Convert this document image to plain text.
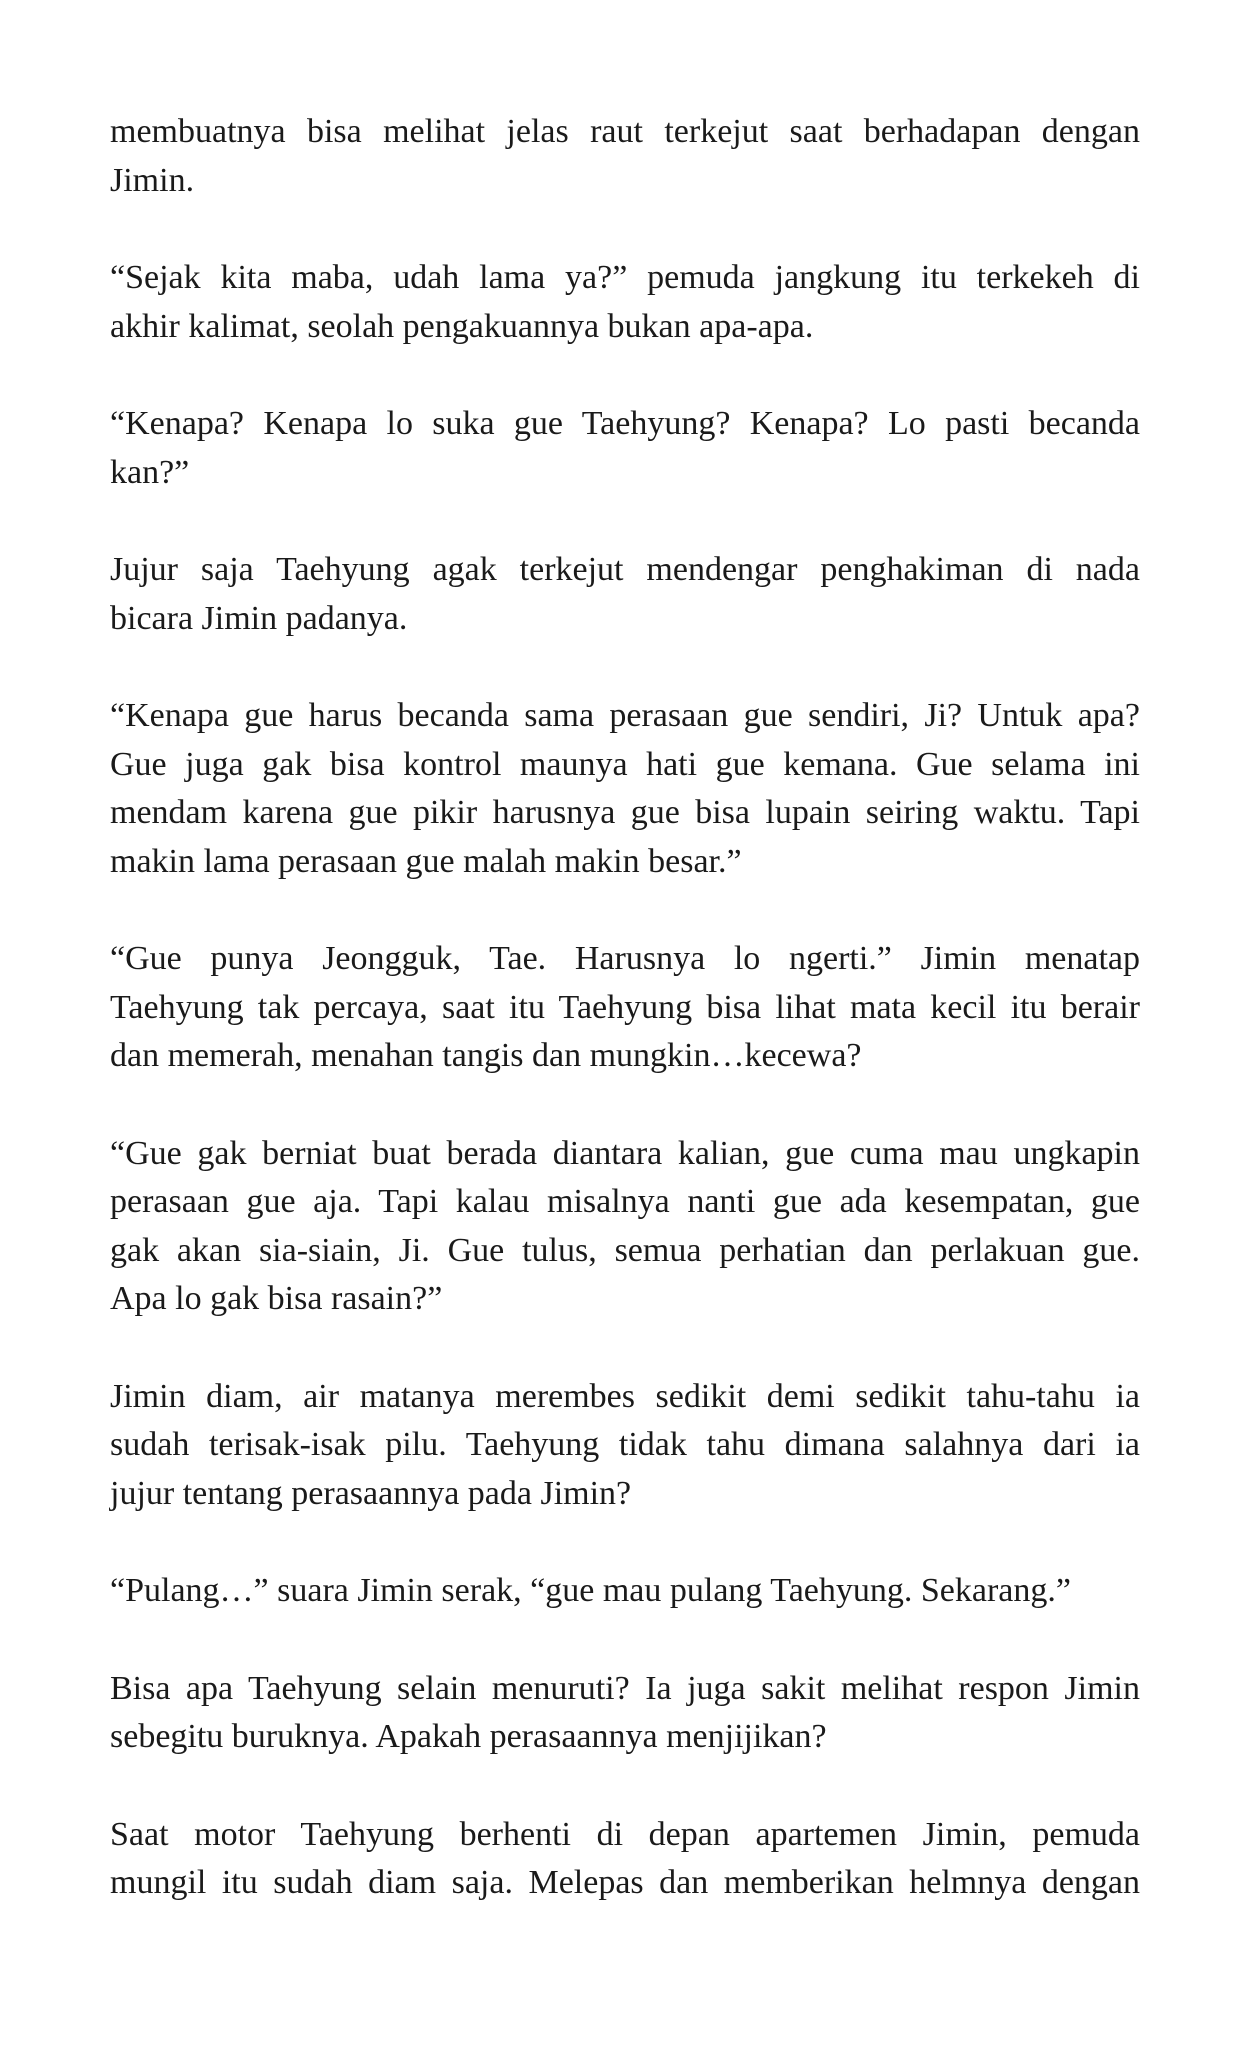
membuatnya bisa melihat jelas raut terkejut saat berhadapan dengan
Jimin.

“Sejak kita maba, udah lama ya?” pemuda jangkung itu terkekeh di
akhir kalimat, seolah pengakuannya bukan apa-apa.

“Kenapa? Kenapa lo suka gue Taehyung? Kenapa? Lo pasti becanda
kan?”

Jujur saja Taehyung agak terkejut mendengar penghakiman di nada
bicara Jimin padanya.

“Kenapa gue harus becanda sama perasaan gue sendiri, Ji? Untuk apa?
Gue juga gak bisa kontrol maunya hati gue kemana. Gue selama ini
mendam karena gue pikir harusnya gue bisa lupain seiring waktu. Tapi
makin lama perasaan gue malah makin besar.”

“Gue punya Jeongguk, Tae. Harusnya lo ngerti.” Jimin menatap
Taehyung tak percaya, saat itu Taehyung bisa lihat mata kecil itu berair
dan memerah, menahan tangis dan mungkin…kecewa?

“Gue gak berniat buat berada diantara kalian, gue cuma mau ungkapin
perasaan gue aja. Tapi kalau misalnya nanti gue ada kesempatan, gue
gak akan sia-siain, Ji. Gue tulus, semua perhatian dan perlakuan gue.
Apa lo gak bisa rasain?”

Jimin diam, air matanya merembes sedikit demi sedikit tahu-tahu ia
sudah terisak-isak pilu. Taehyung tidak tahu dimana salahnya dari ia
jujur tentang perasaannya pada Jimin?

“Pulang…” suara Jimin serak, “gue mau pulang Taehyung. Sekarang.”

Bisa apa Taehyung selain menuruti? Ia juga sakit melihat respon Jimin
sebegitu buruknya. Apakah perasaannya menjijikan?

Saat motor Taehyung berhenti di depan apartemen Jimin, pemuda
mungil itu sudah diam saja. Melepas dan memberikan helmnya dengan
